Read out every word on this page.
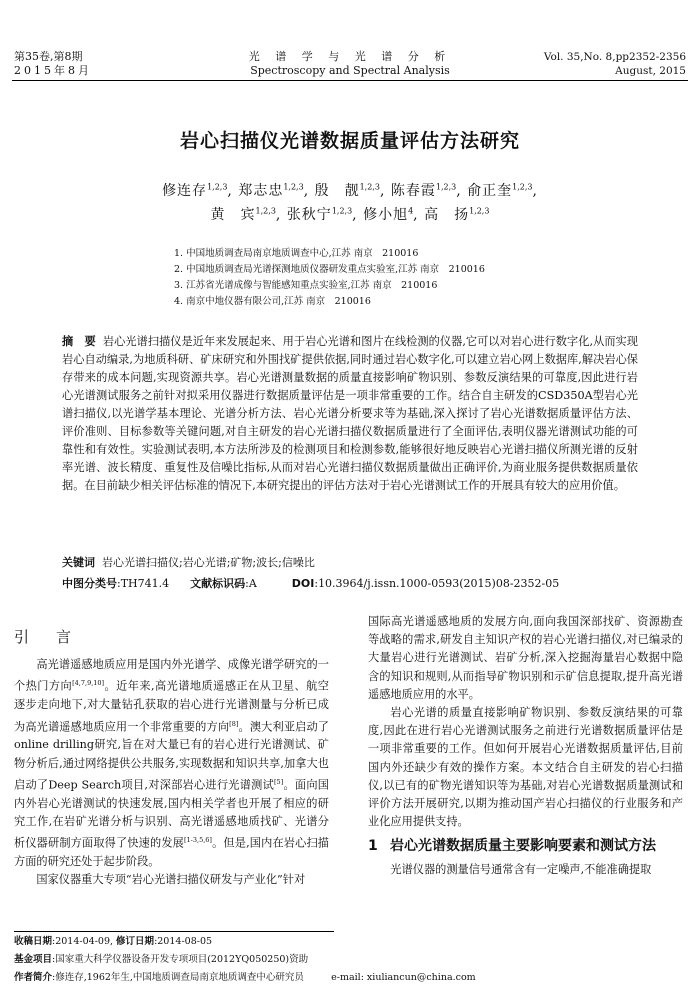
第35卷,第8期
2015年8月
光 谱 学 与 光 谱 分 析
Spectroscopy and Spectral Analysis
Vol. 35,No. 8,pp2352-2356
August, 2015
岩心扫描仪光谱数据质量评估方法研究
修连存$^{1,2,3}$, 郑志忠$^{1,2,3}$, 殷　靓$^{1,2,3}$, 陈春霞$^{1,2,3}$, 俞正奎$^{1,2,3}$,
黄　宾$^{1,2,3}$, 张秋宁$^{1,2,3}$, 修小旭$^4$, 高　扬$^{1,2,3}$
1. 中国地质调查局南京地质调查中心,江苏 南京　210016
2. 中国地质调查局光谱探测地质仪器研发重点实验室,江苏 南京　210016
3. 江苏省光谱成像与智能感知重点实验室,江苏 南京　210016
4. 南京中地仪器有限公司,江苏 南京　210016
摘　要 岩心光谱扫描仪是近年来发展起来、用于岩心光谱和图片在线检测的仪器,它可以对岩心进行数字化,从而实现岩心自动编录,为地质科研、矿床研究和外围找矿提供依据,同时通过岩心数字化,可以建立岩心网上数据库,解决岩心保存带来的成本问题,实现资源共享。岩心光谱测量数据的质量直接影响矿物识别、参数反演结果的可靠度,因此进行岩心光谱测试服务之前针对拟采用仪器进行数据质量评估是一项非常重要的工作。结合自主研发的CSD350A型岩心光谱扫描仪,以光谱学基本理论、光谱分析方法、岩心光谱分析要求等为基础,深入探讨了岩心光谱数据质量评估方法、评价准则、目标参数等关键问题,对自主研发的岩心光谱扫描仪数据质量进行了全面评估,表明仪器光谱测试功能的可靠性和有效性。实验测试表明,本方法所涉及的检测项目和检测参数,能够很好地反映岩心光谱扫描仪所测光谱的反射率光谱、波长精度、重复性及信噪比指标,从而对岩心光谱扫描仪数据质量做出正确评价,为商业服务提供数据质量依据。在目前缺少相关评估标准的情况下,本研究提出的评估方法对于岩心光谱测试工作的开展具有较大的应用价值。
关键词 岩心光谱扫描仪;岩心光谱;矿物;波长;信噪比
中图分类号:TH741.4 文献标识码:A	DOI:10.3964/j.issn.1000-0593(2015)08-2352-05
引　言

高光谱遥感地质应用是国内外光谱学、成像光谱学研究的一个热门方向[4,7,9,10]。近年来,高光谱地质遥感正在从卫星、航空逐步走向地下,对大量钻孔获取的岩心进行光谱测量与分析已成为高光谱遥感地质应用一个非常重要的方向[8]。澳大利亚启动了online drilling研究,旨在对大量已有的岩心进行光谱测试、矿物分析后,通过网络提供公共服务,实现数据和知识共享,加拿大也启动了Deep Search项目,对深部岩心进行光谱测试[5]。面向国内外岩心光谱测试的快速发展,国内相关学者也开展了相应的研究工作,在岩矿光谱分析与识别、高光谱遥感地质找矿、光谱分析仪器研制方面取得了快速的发展[1-3,5,6]。但是,国内在岩心扫描方面的研究还处于起步阶段。

国家仪器重大专项“岩心光谱扫描仪研发与产业化”针对

国际高光谱遥感地质的发展方向,面向我国深部找矿、资源勘查等战略的需求,研发自主知识产权的岩心光谱扫描仪,对已编录的大量岩心进行光谱测试、岩矿分析,深入挖掘海量岩心数据中隐含的知识和规则,从而指导矿物识别和示矿信息提取,提升高光谱遥感地质应用的水平。

岩心光谱的质量直接影响矿物识别、参数反演结果的可靠度,因此在进行岩心光谱测试服务之前进行光谱数据质量评估是一项非常重要的工作。但如何开展岩心光谱数据质量评估,目前国内外还缺少有效的操作方案。本文结合自主研发的岩心扫描仪,以已有的矿物光谱知识等为基础,对岩心光谱数据质量测试和评价方法开展研究,以期为推动国产岩心扫描仪的行业服务和产业化应用提供支持。

1 岩心光谱数据质量主要影响要素和测试方法

光谱仪器的测量信号通常含有一定噪声,不能准确提取

收稿日期:2014-04-09, 修订日期:2014-08-05
基金项目:国家重大科学仪器设备开发专项项目(2012YQ050250)资助
作者简介:修连存,1962年生,中国地质调查局南京地质调查中心研究员	e-mail: xiuliancun@china.com
